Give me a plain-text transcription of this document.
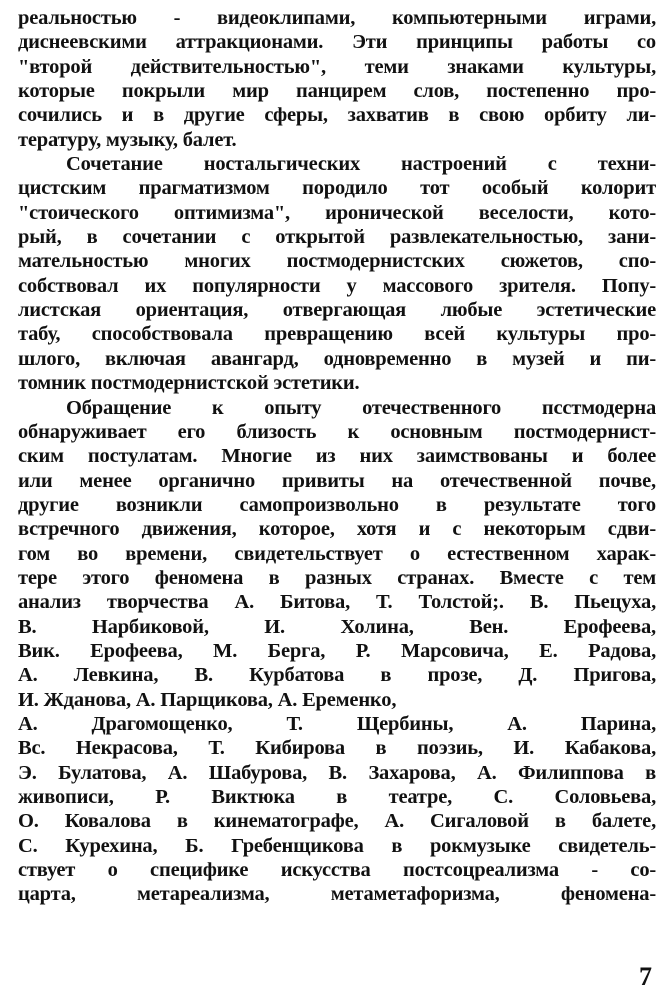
реальностью - видеоклипами, компьютерными играми,
диснеевскими аттракционами. Эти принципы работы со
"второй действительностью", теми знаками культуры,
которые покрыли мир панцирем слов, постепенно про-
сочились и в другие сферы, захватив в свою орбиту ли-
тературу, музыку, балет.
Сочетание ностальгических настроений с техни-
цистским прагматизмом породило тот особый колорит
"стоического оптимизма", иронической веселости, кото-
рый, в сочетании с открытой развлекательностью, зани-
мательностью многих постмодернистских сюжетов, спо-
собствовал их популярности у массового зрителя. Попу-
листская ориентация, отвергающая любые эстетические
табу, способствовала превращению всей культуры про-
шлого, включая авангард, одновременно в музей и пи-
томник постмодернистской эстетики.
Обращение к опыту отечественного пcстмодерна
обнаруживает его близость к основным постмодернист-
ским постулатам. Многие из них заимствованы и более
или менее органично привиты на отечественной почве,
другие возникли самопроизвольно в результате того
встречного движения, которое, хотя и с некоторым сдви-
гом во времени, свидетельствует о естественном харак-
тере этого феномена в разных странах. Вместе с тем
анализ творчества А. Битова, Т. Толстой;. В. Пьецуха,
В. Нарбиковой, И. Холина, Вен. Ерофеева,
Вик. Ерофеева, М. Берга, Р. Марсовича, Е. Радова,
А. Левкина, В. Курбатова в прозе, Д. Пригова,
И. Жданова, А. Парщикова, А. Еременко,
А. Драгомощенко, Т. Щербины, А. Парина,
Вс. Некрасова, Т. Кибирова в поэзиь, И. Кабакова,
Э. Булатова, А. Шабурова, В. Захарова, А. Филиппова в
живописи, Р. Виктюка в театре, С. Соловьева,
О. Ковалова в кинематографе, А. Сигаловой в балете,
С. Курехина, Б. Гребенщикова в рокмузыке свидетель-
ствует о специфике искусства постсоцреализма - со-
царта, метареализма, метаметафоризма, феномена-
7
